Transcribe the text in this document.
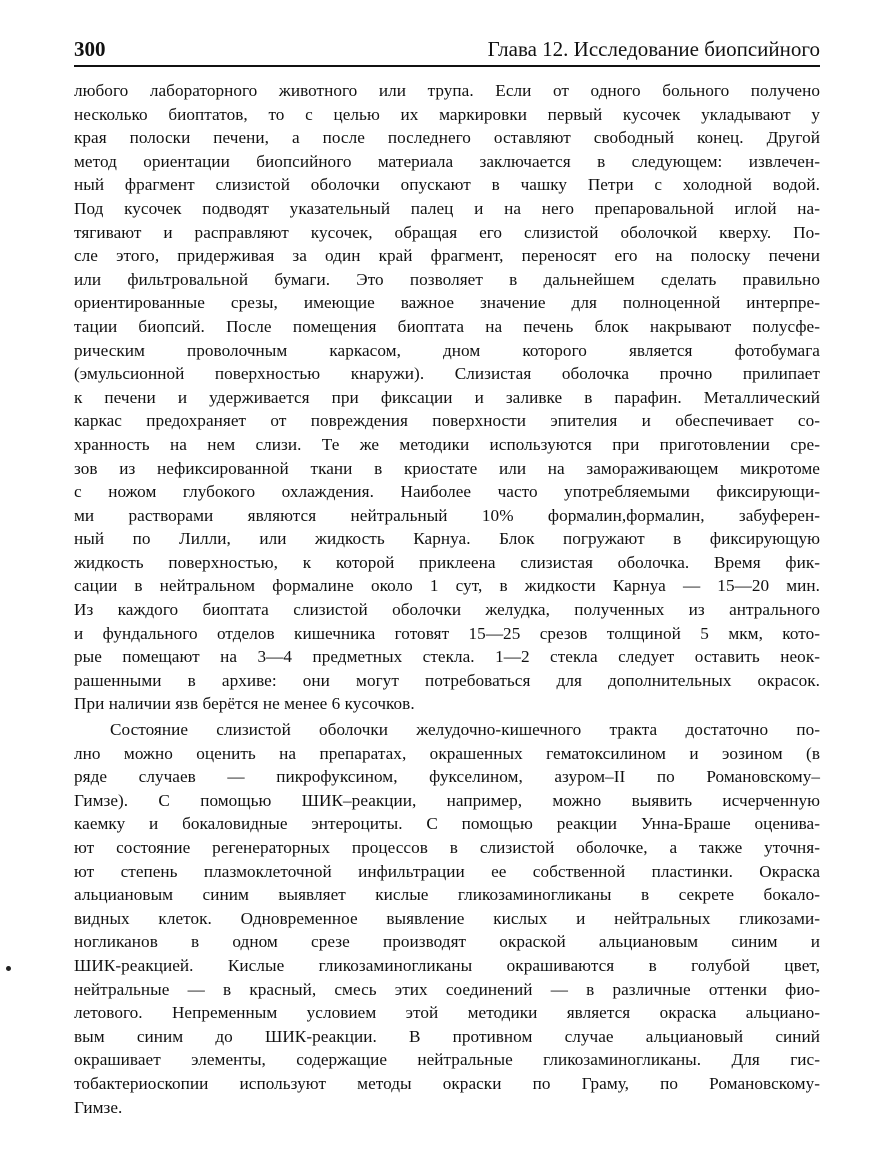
300	Глава 12. Исследование биопсийного

любого лабораторного животного или трупа. Если от одного больного получено
несколько биоптатов, то с целью их маркировки первый кусочек укладывают у
края полоски печени, а после последнего оставляют свободный конец. Другой
метод ориентации биопсийного материала заключается в следующем: извлечен-
ный фрагмент слизистой оболочки опускают в чашку Петри с холодной водой.
Под кусочек подводят указательный палец и на него препаровальной иглой на-
тягивают и расправляют кусочек, обращая его слизистой оболочкой кверху. По-
сле этого, придерживая за один край фрагмент, переносят его на полоску печени
или фильтровальной бумаги. Это позволяет в дальнейшем сделать правильно
ориентированные срезы, имеющие важное значение для полноценной интерпре-
тации биопсий. После помещения биоптата на печень блок накрывают полусфе-
рическим проволочным каркасом, дном которого является фотобумага
(эмульсионной поверхностью кнаружи). Слизистая оболочка прочно прилипает
к печени и удерживается при фиксации и заливке в парафин. Металлический
каркас предохраняет от повреждения поверхности эпителия и обеспечивает со-
хранность на нем слизи. Те же методики используются при приготовлении сре-
зов из нефиксированной ткани в криостате или на замораживающем микротоме
с ножом глубокого охлаждения. Наиболее часто употребляемыми фиксирующи-
ми растворами являются нейтральный 10% формалин,формалин, забуферен-
ный по Лилли, или жидкость Карнуа. Блок погружают в фиксирующую
жидкость поверхностью, к которой приклеена слизистая оболочка. Время фик-
сации в нейтральном формалине около 1 сут, в жидкости Карнуа — 15—20 мин.
Из каждого биоптата слизистой оболочки желудка, полученных из антрального
и фундального отделов кишечника готовят 15—25 срезов толщиной 5 мкм, кото-
рые помещают на 3—4 предметных стекла. 1—2 стекла следует оставить неок-
рашенными в архиве: они могут потребоваться для дополнительных окрасок.
При наличии язв берётся не менее 6 кусочков.

Состояние слизистой оболочки желудочно-кишечного тракта достаточно по-
лно можно оценить на препаратах, окрашенных гематоксилином и эозином (в
ряде случаев — пикрофуксином, фукселином, азуром–II по Романовскому–
Гимзе). С помощью ШИК–реакции, например, можно выявить исчерченную
каемку и бокаловидные энтероциты. С помощью реакции Унна-Браше оценива-
ют состояние регенераторных процессов в слизистой оболочке, а также уточня-
ют степень плазмоклеточной инфильтрации ее собственной пластинки. Окраска
альциановым синим выявляет кислые гликозаминогликаны в секрете бокало-
видных клеток. Одновременное выявление кислых и нейтральных гликозами-
ногликанов в одном срезе производят окраской альциановым синим и
ШИК-реакцией. Кислые гликозаминогликаны окрашиваются в голубой цвет,
нейтральные — в красный, смесь этих соединений — в различные оттенки фио-
летового. Непременным условием этой методики является окраска альциано-
вым синим до ШИК-реакции. В противном случае альциановый синий
окрашивает элементы, содержащие нейтральные гликозаминогликаны. Для гис-
тобактериоскопии используют методы окраски по Граму, по Романовскому-
Гимзе.
